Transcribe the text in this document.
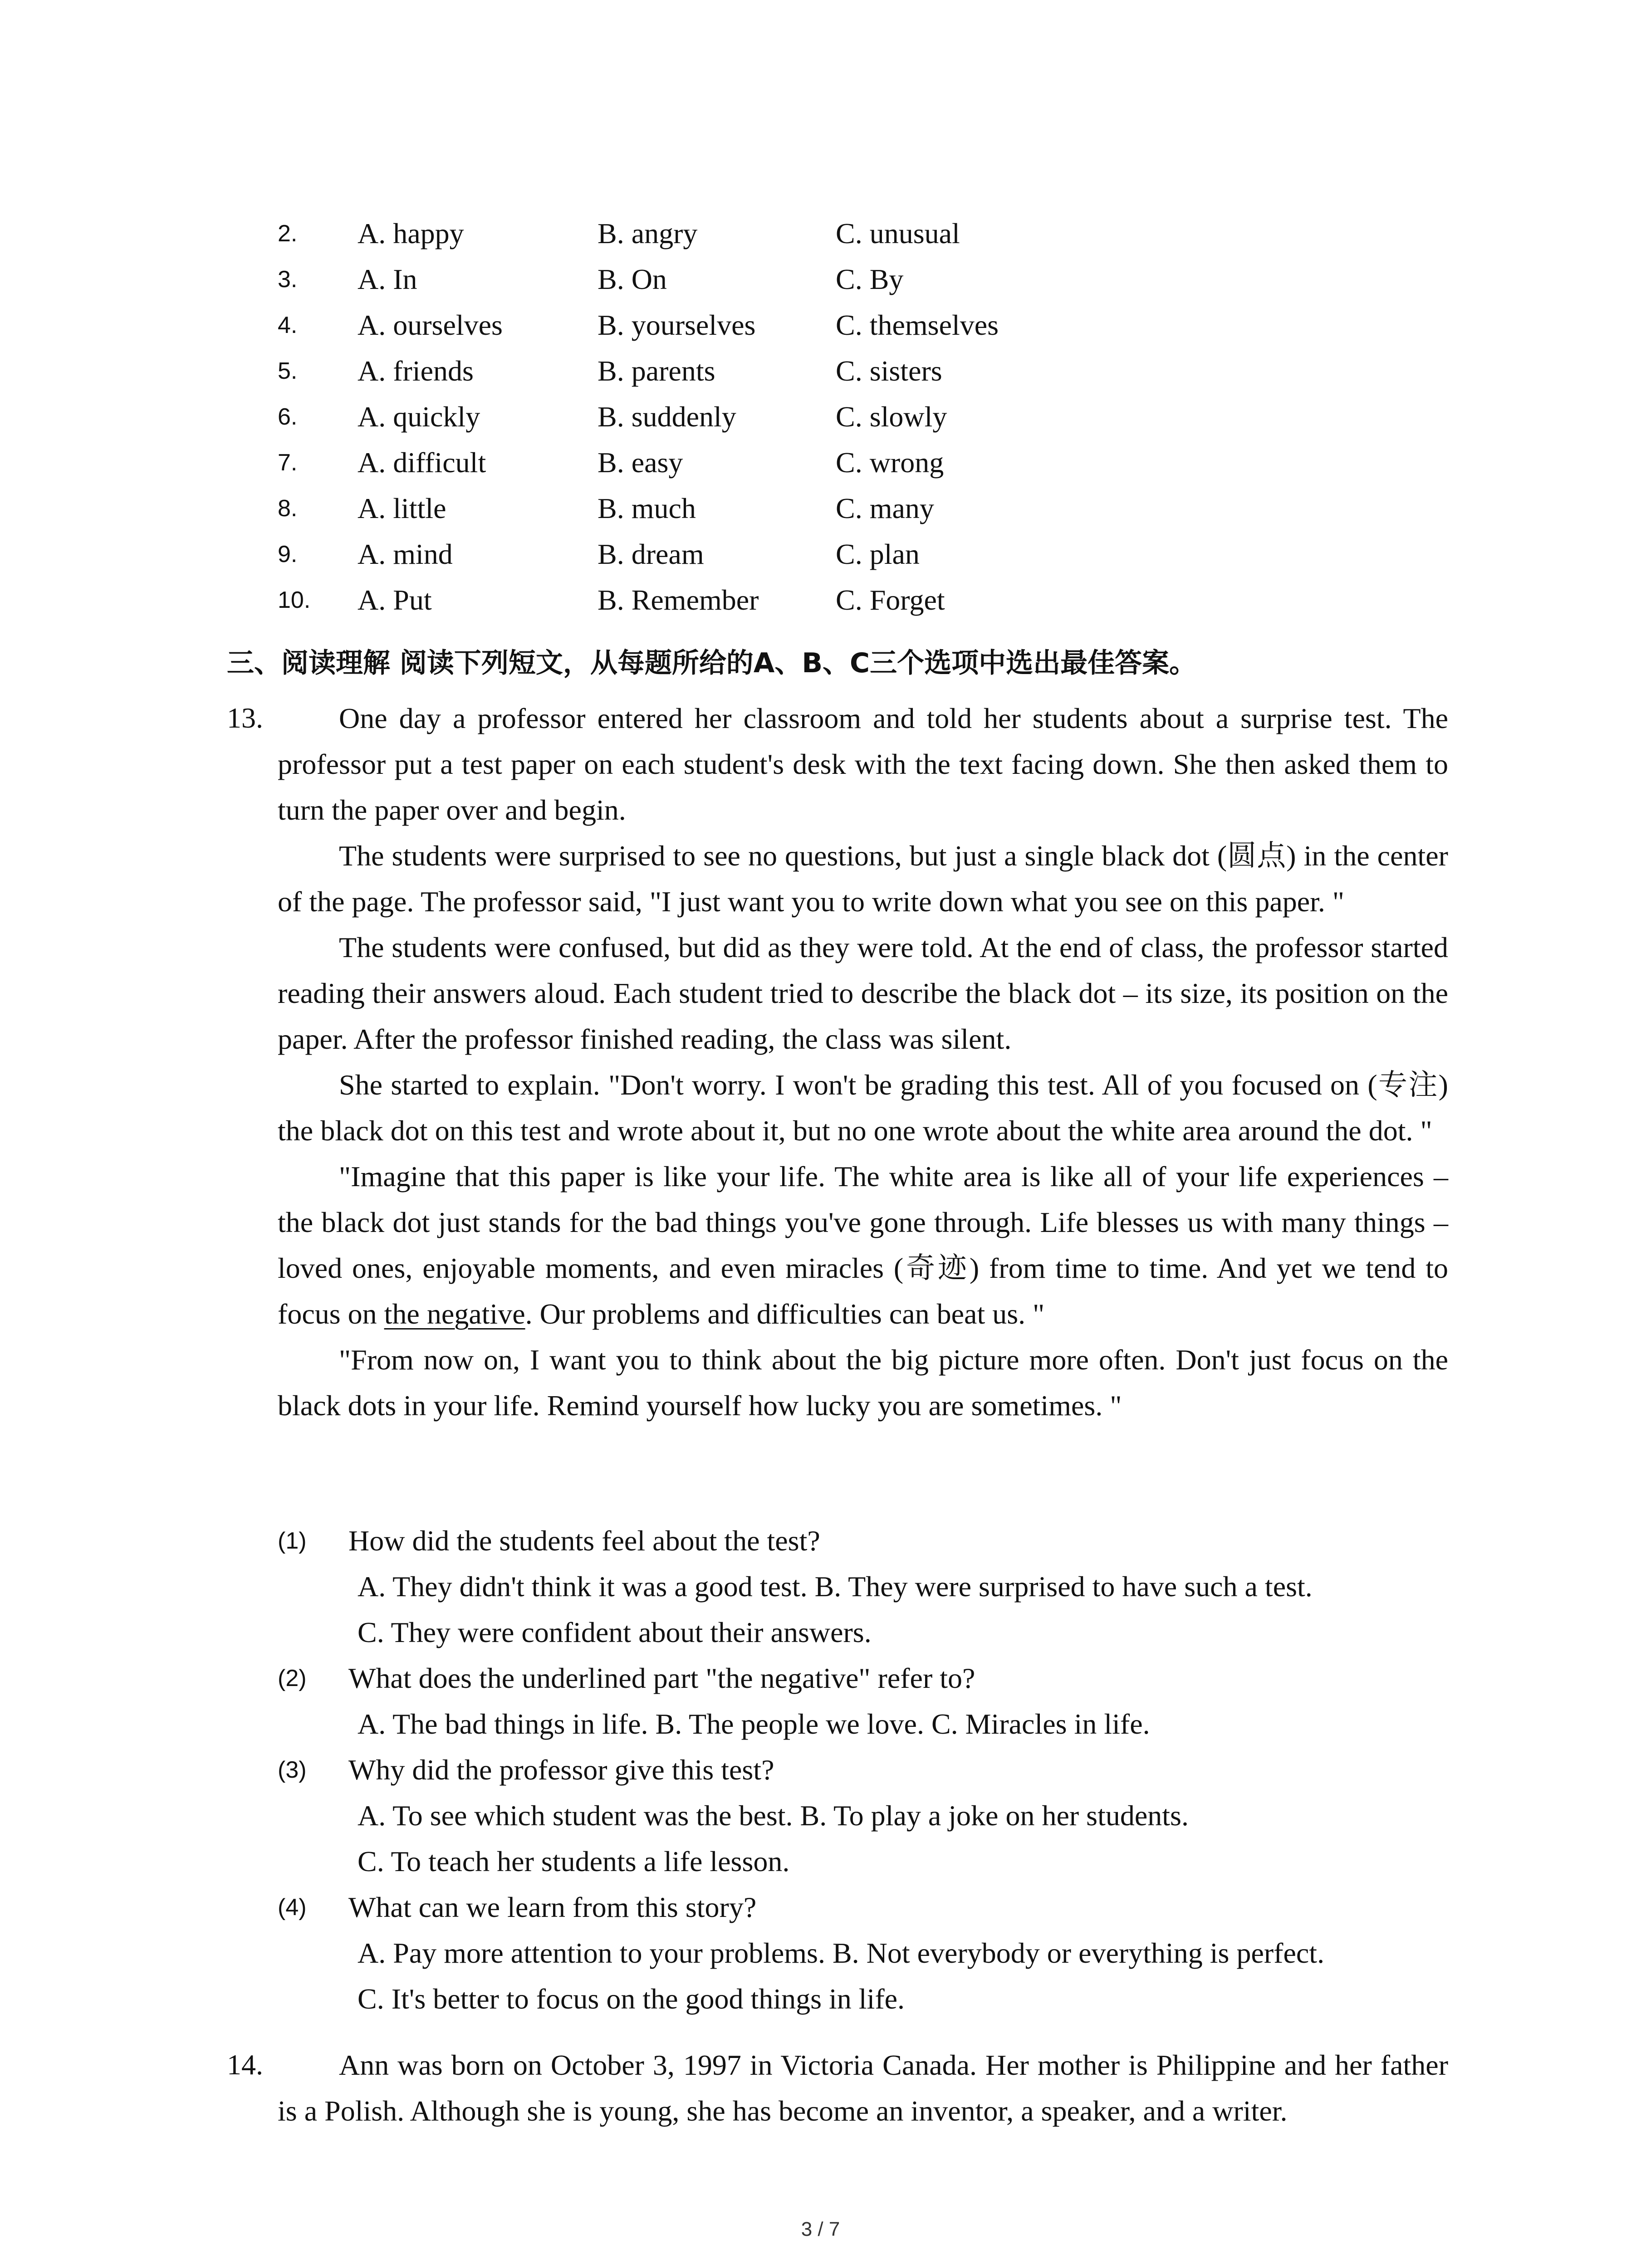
2. A. happy	B. angry	C. unusual
3. A. In	B. On	C. By
4. A. ourselves	B. yourselves	C. themselves
5. A. friends	B. parents	C. sisters
6. A. quickly	B. suddenly	C. slowly
7. A. difficult	B. easy	C. wrong
8. A. little	B. much	C. many
9. A. mind	B. dream	C. plan
10. A. Put	B. Remember	C. Forget
三、阅读理解 阅读下列短文，从每题所给的A、B、C三个选项中选出最佳答案。
13.	One day a professor entered her classroom and told her students about a surprise test. The professor put a test paper on each student's desk with the text facing down. She then asked them to turn the paper over and begin.

The students were surprised to see no questions, but just a single black dot (圆点) in the center of the page. The professor said, "I just want you to write down what you see on this paper. "

The students were confused, but did as they were told. At the end of class, the professor started reading their answers aloud. Each student tried to describe the black dot – its size, its position on the paper. After the professor finished reading, the class was silent.

She started to explain. "Don't worry. I won't be grading this test. All of you focused on (专注) the black dot on this test and wrote about it, but no one wrote about the white area around the dot. "

"Imagine that this paper is like your life. The white area is like all of your life experiences – the black dot just stands for the bad things you've gone through. Life blesses us with many things – loved ones, enjoyable moments, and even miracles (奇迹) from time to time. And yet we tend to focus on the negative. Our problems and difficulties can beat us. "

"From now on, I want you to think about the big picture more often. Don't just focus on the black dots in your life. Remind yourself how lucky you are sometimes. "

(1) How did the students feel about the test?
A. They didn't think it was a good test. B. They were surprised to have such a test.
C. They were confident about their answers.
(2) What does the underlined part "the negative" refer to?
A. The bad things in life. B. The people we love. C. Miracles in life.
(3) Why did the professor give this test?
A. To see which student was the best. B. To play a joke on her students.
C. To teach her students a life lesson.
(4) What can we learn from this story?
A. Pay more attention to your problems. B. Not everybody or everything is perfect.
C. It's better to focus on the good things in life.
14.	Ann was born on October 3, 1997 in Victoria Canada. Her mother is Philippine and her father is a Polish. Although she is young, she has become an inventor, a speaker, and a writer.

3 / 7
